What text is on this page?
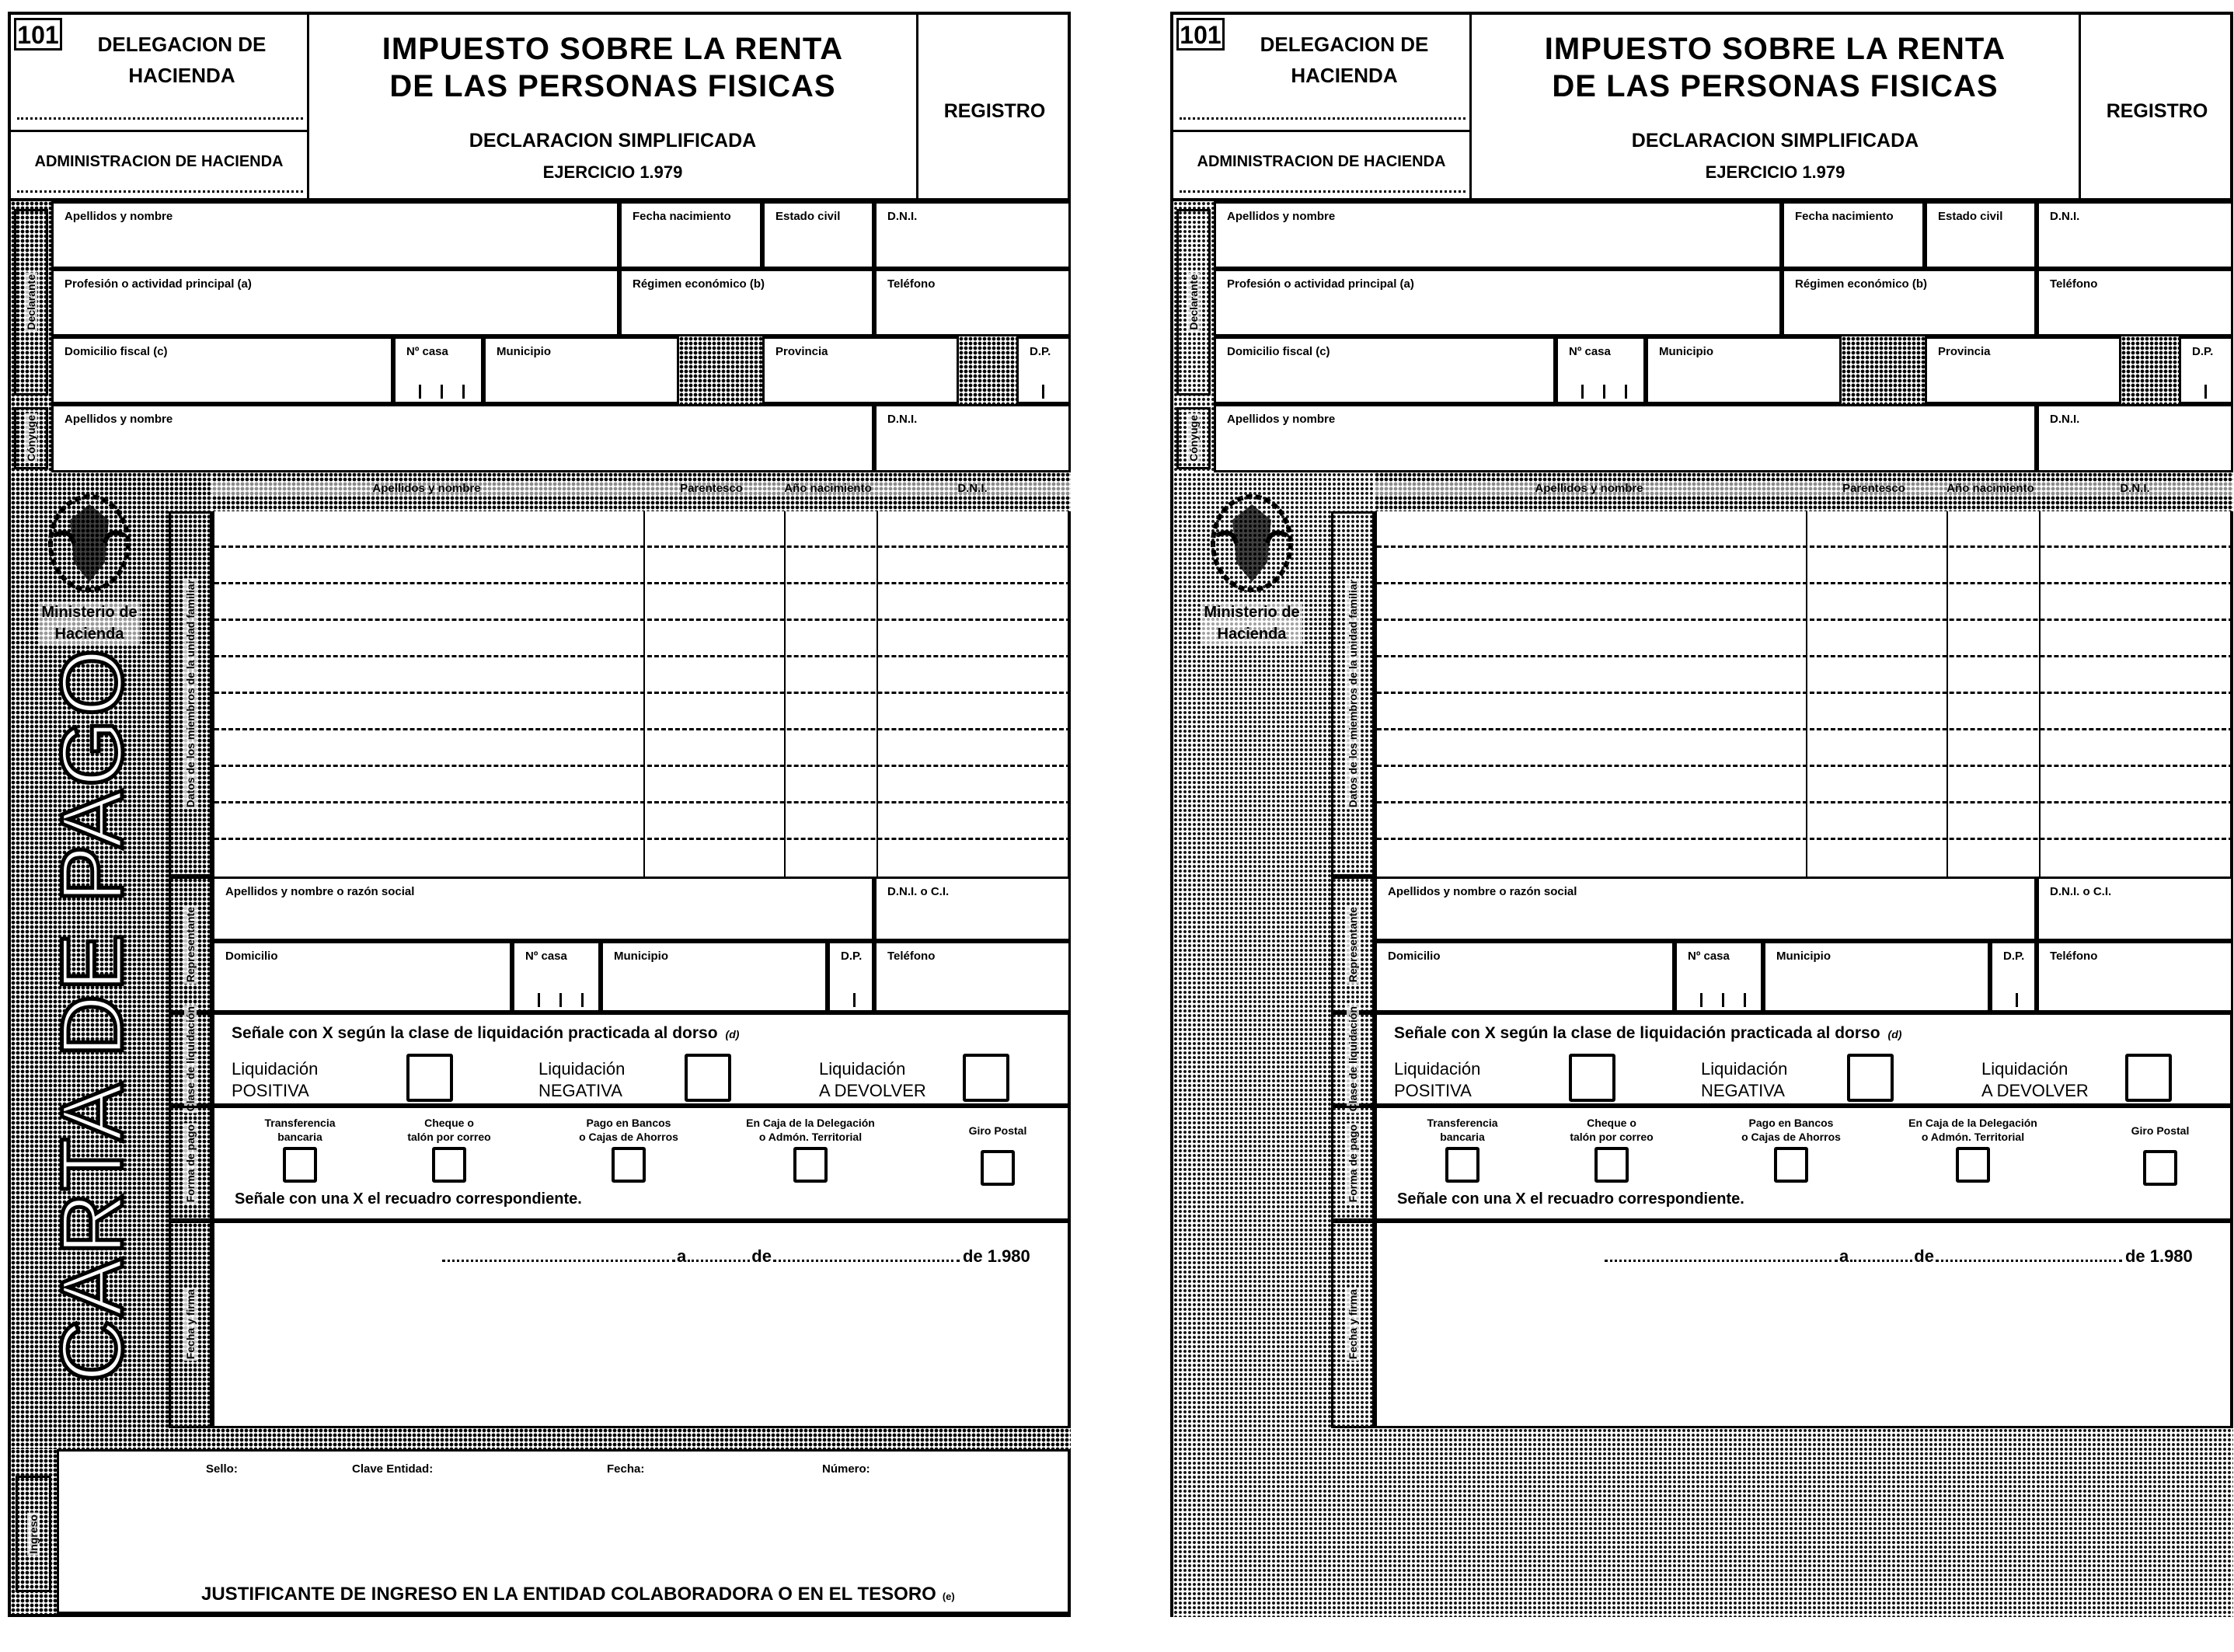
101	DELEGACION DE HACIENDA
ADMINISTRACION DE HACIENDA
IMPUESTO SOBRE LA RENTA
DE LAS PERSONAS FISICAS
DECLARACION SIMPLIFICADA
EJERCICIO 1.979
REGISTRO
Declarante
Cónyuge
Apellidos y nombre	Fecha nacimiento	Estado civil	D.N.I.
Profesión o actividad principal (a)	Régimen económico (b)	Teléfono
Domicilio fiscal (c)	Nº casa	Municipio	Provincia	D.P.
Apellidos y nombre	D.N.I.
Ministerio de Hacienda
CARTA DE PAGO	Datos de los miembros de la unidad familiar
Apellidos y nombre	Parentesco	Año nacimiento	D.N.I.
Representante
Apellidos y nombre o razón social	D.N.I. o C.I.
Domicilio	Nº casa	Municipio	D.P. Teléfono
Clase de liquidación Señale con X según la clase de liquidación practicada al dorso (d)
Liquidación
POSITIVA
Liquidación
NEGATIVA
Liquidación
A DEVOLVER
Forma de pago
Transferencia
bancaria
Cheque o
talón por correo
Pago en Bancos
o Cajas de Ahorros
En Caja de la Delegación
o Admón. Territorial	Giro Postal
Señale con una X el recuadro correspondiente.
Fecha y firma
a	de	de 1.980
Ingreso
Sello:	Clave Entidad:	Fecha:	Número:
JUSTIFICANTE DE INGRESO EN LA ENTIDAD COLABORADORA O EN EL TESORO (e)
101	DELEGACION DE HACIENDA
ADMINISTRACION DE HACIENDA
IMPUESTO SOBRE LA RENTA
DE LAS PERSONAS FISICAS
DECLARACION SIMPLIFICADA
EJERCICIO 1.979
REGISTRO
Declarante
Cónyuge
Apellidos y nombre	Fecha nacimiento	Estado civil	D.N.I.
Profesión o actividad principal (a)	Régimen económico (b)	Teléfono
Domicilio fiscal (c)	Nº casa	Municipio	Provincia	D.P.
Apellidos y nombre	D.N.I.
Ministerio de Hacienda	Datos de los miembros de la unidad familiar
Apellidos y nombre	Parentesco	Año nacimiento	D.N.I.
Representante
Apellidos y nombre o razón social	D.N.I. o C.I.
Domicilio	Nº casa	Municipio	D.P. Teléfono
Clase de liquidación Señale con X según la clase de liquidación practicada al dorso (d)
Liquidación
POSITIVA
Liquidación
NEGATIVA
Liquidación
A DEVOLVER
Forma de pago
Transferencia
bancaria
Cheque o
talón por correo
Pago en Bancos
o Cajas de Ahorros
En Caja de la Delegación
o Admón. Territorial	Giro Postal
Señale con una X el recuadro correspondiente.
Fecha y firma
a	de	de 1.980
